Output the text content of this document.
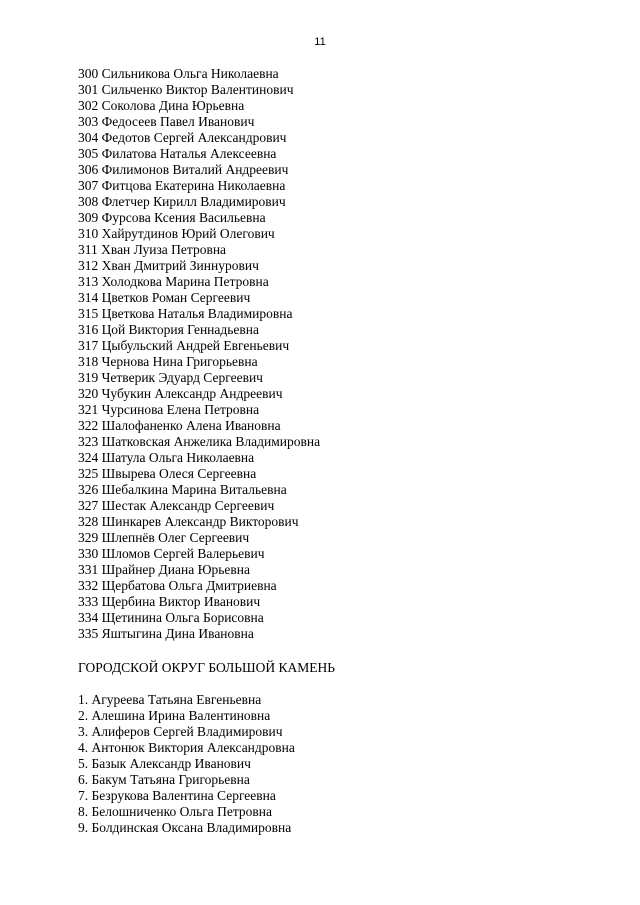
11
300 Сильникова Ольга Николаевна
301 Сильченко Виктор Валентинович
302 Соколова Дина Юрьевна
303 Федосеев Павел Иванович
304 Федотов Сергей Александрович
305 Филатова Наталья Алексеевна
306 Филимонов Виталий Андреевич
307 Фитцова Екатерина Николаевна
308 Флетчер Кирилл Владимирович
309 Фурсова Ксения Васильевна
310 Хайрутдинов Юрий Олегович
311 Хван Луиза Петровна
312 Хван Дмитрий Зиннурович
313 Холодкова Марина Петровна
314 Цветков Роман Сергеевич
315 Цветкова Наталья Владимировна
316 Цой Виктория Геннадьевна
317 Цыбульский Андрей Евгеньевич
318 Чернова Нина Григорьевна
319 Четверик Эдуард Сергеевич
320 Чубукин Александр Андреевич
321 Чурсинова Елена Петровна
322 Шалофаненко Алена Ивановна
323 Шатковская Анжелика Владимировна
324 Шатула Ольга Николаевна
325 Швырева Олеся Сергеевна
326 Шебалкина Марина Витальевна
327 Шестак Александр Сергеевич
328 Шинкарев Александр Викторович
329 Шлепнёв Олег Сергеевич
330 Шломов Сергей Валерьевич
331 Шрайнер Диана Юрьевна
332 Щербатова Ольга Дмитриевна
333 Щербина Виктор Иванович
334 Щетинина Ольга Борисовна
335 Яштыгина Дина Ивановна
ГОРОДСКОЙ ОКРУГ БОЛЬШОЙ КАМЕНЬ
1. Агуреева Татьяна Евгеньевна
2. Алешина Ирина Валентиновна
3. Алиферов Сергей Владимирович
4. Антонюк Виктория Александровна
5. Базык Александр Иванович
6. Бакум Татьяна Григорьевна
7. Безрукова Валентина Сергеевна
8. Белошниченко Ольга Петровна
9. Болдинская Оксана Владимировна
